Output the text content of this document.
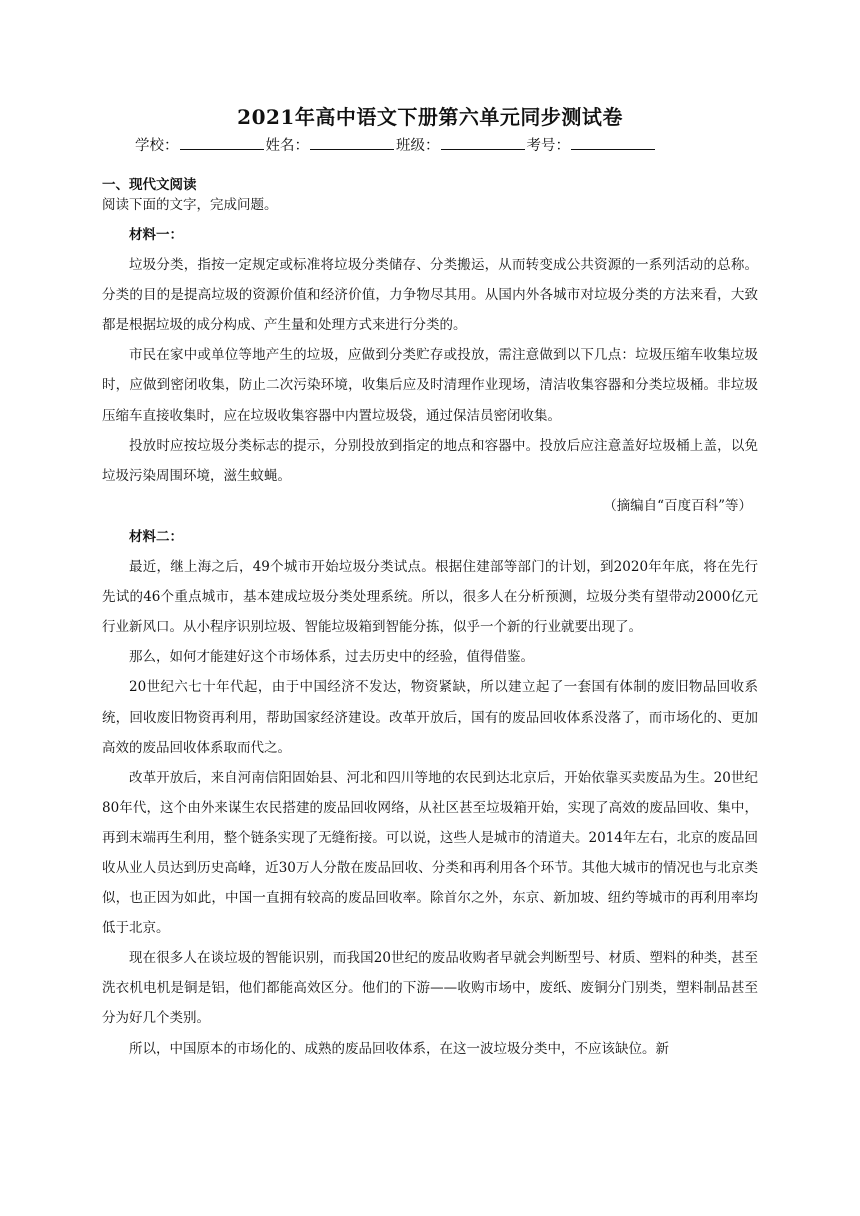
2021年高中语文下册第六单元同步测试卷
学校：	姓名：	班级：	考号：
一、现代文阅读
阅读下面的文字，完成问题。

材料一：

垃圾分类，指按一定规定或标准将垃圾分类储存、分类搬运，从而转变成公共资源的一系列活动的总称。分类的目的是提高垃圾的资源价值和经济价值，力争物尽其用。从国内外各城市对垃圾分类的方法来看，大致都是根据垃圾的成分构成、产生量和处理方式来进行分类的。

市民在家中或单位等地产生的垃圾，应做到分类贮存或投放，需注意做到以下几点：垃圾压缩车收集垃圾时，应做到密闭收集，防止二次污染环境，收集后应及时清理作业现场，清洁收集容器和分类垃圾桶。非垃圾压缩车直接收集时，应在垃圾收集容器中内置垃圾袋，通过保洁员密闭收集。

投放时应按垃圾分类标志的提示，分别投放到指定的地点和容器中。投放后应注意盖好垃圾桶上盖，以免垃圾污染周围环境，滋生蚊蝇。

（摘编自“百度百科”等）

材料二：

最近，继上海之后，49个城市开始垃圾分类试点。根据住建部等部门的计划，到2020年年底，将在先行先试的46个重点城市，基本建成垃圾分类处理系统。所以，很多人在分析预测，垃圾分类有望带动2000亿元行业新风口。从小程序识别垃圾、智能垃圾箱到智能分拣，似乎一个新的行业就要出现了。

那么，如何才能建好这个市场体系，过去历史中的经验，值得借鉴。

20世纪六七十年代起，由于中国经济不发达，物资紧缺，所以建立起了一套国有体制的废旧物品回收系统，回收废旧物资再利用，帮助国家经济建设。改革开放后，国有的废品回收体系没落了，而市场化的、更加高效的废品回收体系取而代之。

改革开放后，来自河南信阳固始县、河北和四川等地的农民到达北京后，开始依靠买卖废品为生。20世纪80年代，这个由外来谋生农民搭建的废品回收网络，从社区甚至垃圾箱开始，实现了高效的废品回收、集中，再到末端再生利用，整个链条实现了无缝衔接。可以说，这些人是城市的清道夫。2014年左右，北京的废品回收从业人员达到历史高峰，近30万人分散在废品回收、分类和再利用各个环节。其他大城市的情况也与北京类似，也正因为如此，中国一直拥有较高的废品回收率。除首尔之外，东京、新加坡、纽约等城市的再利用率均低于北京。

现在很多人在谈垃圾的智能识别，而我国20世纪的废品收购者早就会判断型号、材质、塑料的种类，甚至洗衣机电机是铜是铝，他们都能高效区分。他们的下游——收购市场中，废纸、废铜分门别类，塑料制品甚至分为好几个类别。

所以，中国原本的市场化的、成熟的废品回收体系，在这一波垃圾分类中，不应该缺位。新
